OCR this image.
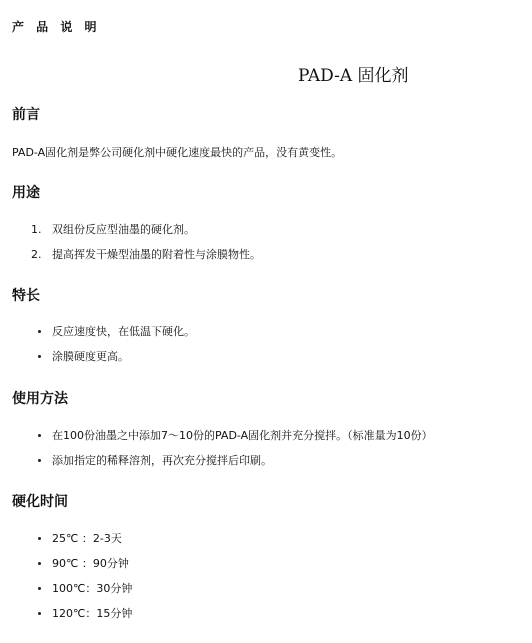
产 品 说 明
PAD-A 固化剂
前言
PAD-A固化剂是弊公司硬化剂中硬化速度最快的产品，没有黄变性。
用途
1. 双组份反应型油墨的硬化剂。
2. 提高挥发干燥型油墨的附着性与涂膜物性。
特长
反应速度快，在低温下硬化。
涂膜硬度更高。
使用方法
在100份油墨之中添加7～10份的PAD-A固化剂并充分搅拌。（标准量为10份）
添加指定的稀释溶剂，再次充分搅拌后印刷。
硬化时间
25℃ ：2-3天
90℃ ：90分钟
100℃：30分钟
120℃：15分钟
